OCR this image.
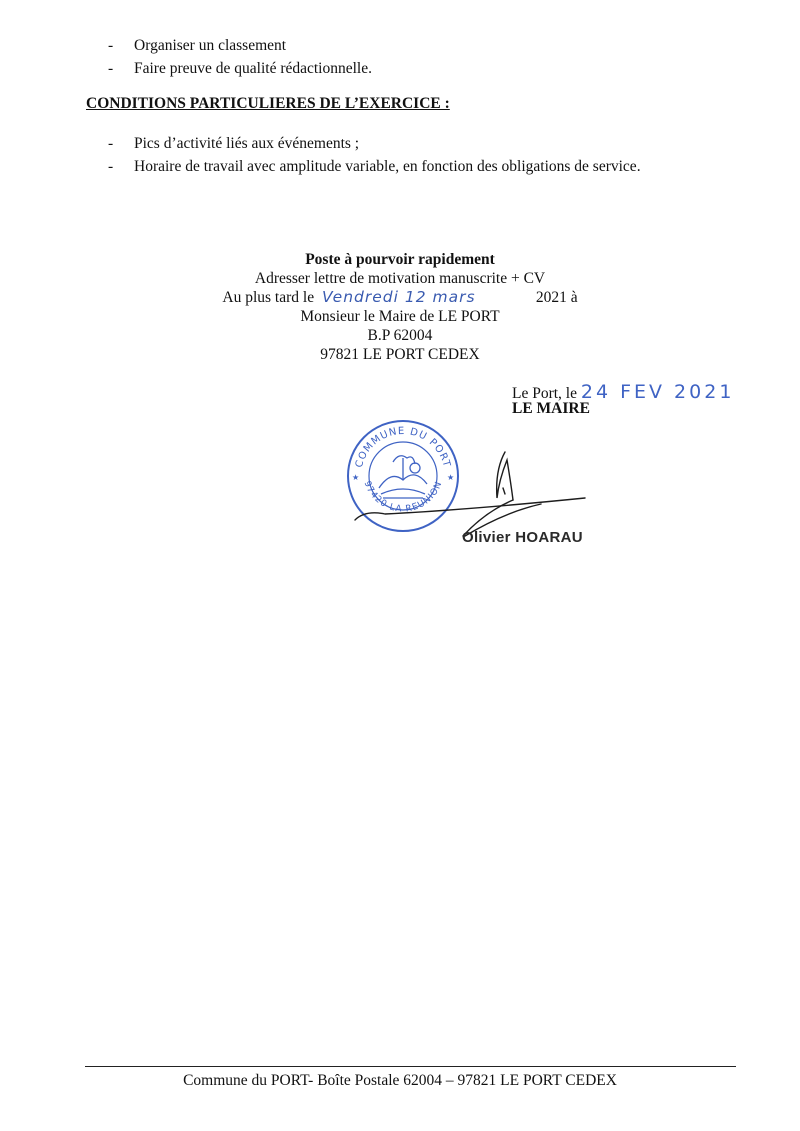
- Organiser un classement
- Faire preuve de qualité rédactionnelle.
CONDITIONS PARTICULIERES DE L’EXERCICE :
- Pics d’activité liés aux événements ;
- Horaire de travail avec amplitude variable, en fonction des obligations de service.
Poste à pourvoir rapidement
Adresser lettre de motivation manuscrite + CV
Au plus tard le Vendredi 12 mars	2021 à
Monsieur le Maire de LE PORT
B.P 62004
97821 LE PORT CEDEX
Le Port, le 24 FEV 2021
LE MAIRE
COMMUNE DU PORT
97420 LA REUNION
★	★
Olivier HOARAU
Commune du PORT- Boîte Postale 62004 – 97821 LE PORT CEDEX
